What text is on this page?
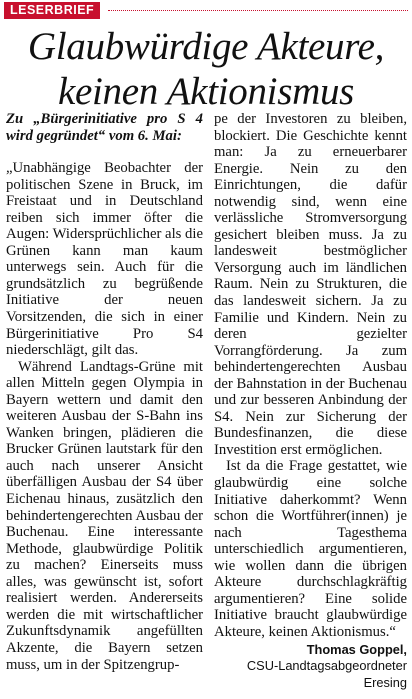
LESERBRIEF
Glaubwürdige Akteure,
keinen Aktionismus

Zu „Bürgerinitiative pro S 4 wird gegründet“ vom 6. Mai:

„Unabhängige Beobachter der politischen Szene in Bruck, im Freistaat und in Deutschland reiben sich immer öfter die Augen: Widersprüchlicher als die Grünen kann man kaum unterwegs sein. Auch für die grundsätzlich zu begrüßende Initiative der neuen Vorsitzenden, die sich in einer Bürgerinitiative Pro S4 niederschlägt, gilt das.

Während Landtags-Grüne mit allen Mitteln gegen Olympia in Bayern wettern und damit den weiteren Ausbau der S-Bahn ins Wanken bringen, plädieren die Brucker Grünen lautstark für den auch nach unserer Ansicht überfälligen Ausbau der S4 über Eichenau hinaus, zusätzlich den behindertengerechten Ausbau der Buchenau. Eine interessante Methode, glaubwürdige Politik zu machen? Einerseits muss alles, was gewünscht ist, sofort realisiert werden. Andererseits werden die mit wirtschaftlicher Zukunftsdynamik angefüllten Akzente, die Bayern setzen muss, um in der Spitzengrup-

pe der Investoren zu bleiben, blockiert. Die Geschichte kennt man: Ja zu erneuerbarer Energie. Nein zu den Einrichtungen, die dafür notwendig sind, wenn eine verlässliche Stromversorgung gesichert bleiben muss. Ja zu landesweit bestmöglicher Versorgung auch im ländlichen Raum. Nein zu Strukturen, die das landesweit sichern. Ja zu Familie und Kindern. Nein zu deren gezielter Vorrangförderung. Ja zum behindertengerechten Ausbau der Bahnstation in der Buchenau und zur besseren Anbindung der S4. Nein zur Sicherung der Bundesfinanzen, die diese Investition erst ermöglichen.

Ist da die Frage gestattet, wie glaubwürdig eine solche Initiative daherkommt? Wenn schon die Wortführer(innen) je nach Tagesthema unterschiedlich argumentieren, wie wollen dann die übrigen Akteure durchschlagkräftig argumentieren? Eine solide Initiative braucht glaubwürdige Akteure, keinen Aktionismus.“

Thomas Goppel,
CSU-Landtagsabgeordneter
Eresing
